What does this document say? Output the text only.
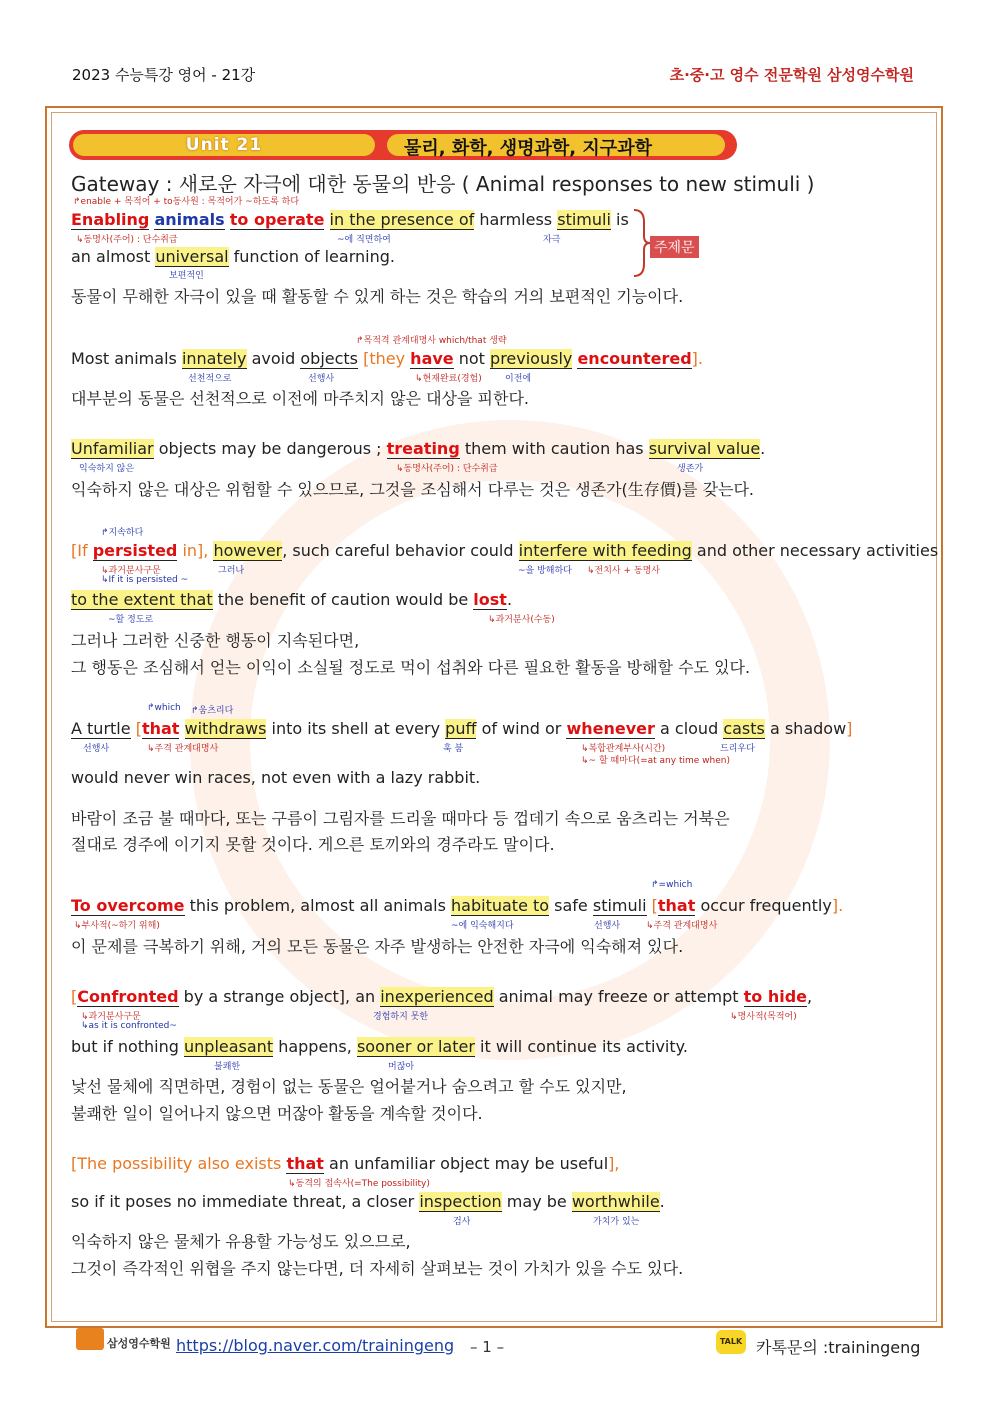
2023 수능특강 영어 - 21강	초·중·고 영수 전문학원 삼성영수학원
Unit 21	물리, 화학, 생명과학, 지구과학
Gateway : 새로운 자극에 대한 동물의 반응 ( Animal responses to new stimuli )
↱enable + 목적어 + to동사원 : 목적어가 ~하도록 하다
Enabling animals to operate in the presence of harmless stimuli is
↳동명사(주어) : 단수취급	~에 직면하여	자극
an almost universal function of learning.
보편적인
주제문
동물이 무해한 자극이 있을 때 활동할 수 있게 하는 것은 학습의 거의 보편적인 기능이다.
↱목적격 관계대명사 which/that 생략
Most animals innately avoid objects [they have not previously encountered].
선천적으로	선행사	↳현재완료(경험)	이전에
대부분의 동물은 선천적으로 이전에 마주치지 않은 대상을 피한다.
Unfamiliar objects may be dangerous ; treating them with caution has survival value.
익숙하지 않은	↳동명사(주어) : 단수취급	생존가
익숙하지 않은 대상은 위험할 수 있으므로, 그것을 조심해서 다루는 것은 생존가(生存價)를 갖는다.
↱지속하다
[If persisted in], however, such careful behavior could interfere with feeding and other necessary activities
↳과거분사구문
↳If it is persisted ~
그러나	~을 방해하다 ↳전치사 + 동명사
to the extent that the benefit of caution would be lost.
~할 정도로	↳과거분사(수동)
그러나 그러한 신중한 행동이 지속된다면,
그 행동은 조심해서 얻는 이익이 소실될 정도로 먹이 섭취와 다른 필요한 활동을 방해할 수도 있다.
↱which ↱움츠리다
A turtle [that withdraws into its shell at every puff of wind or whenever a cloud casts a shadow]
선행사	↳주격 관계대명사	훅 붐	↳복합관계부사(시간)
↳~ 할 때마다(=at any time when)
드리우다
would never win races, not even with a lazy rabbit.
바람이 조금 불 때마다, 또는 구름이 그림자를 드리울 때마다 등 껍데기 속으로 움츠리는 거북은
절대로 경주에 이기지 못할 것이다. 게으른 토끼와의 경주라도 말이다.
↱=which
To overcome this problem, almost all animals habituate to safe stimuli [that occur frequently].
↳부사적(~하기 위해)	~에 익숙해지다	선행사	↳주격 관계대명사
이 문제를 극복하기 위해, 거의 모든 동물은 자주 발생하는 안전한 자극에 익숙해져 있다.
[Confronted by a strange object], an inexperienced animal may freeze or attempt to hide,
↳과거분사구문
↳as it is confronted~
경험하지 못한	↳명사적(목적어)
but if nothing unpleasant happens, sooner or later it will continue its activity.
불쾌한	머잖아
낯선 물체에 직면하면, 경험이 없는 동물은 얼어붙거나 숨으려고 할 수도 있지만,
불쾌한 일이 일어나지 않으면 머잖아 활동을 계속할 것이다.
[The possibility also exists that an unfamiliar object may be useful],
↳동격의 접속사(=The possibility)
so if it poses no immediate threat, a closer inspection may be worthwhile.
검사	가치가 있는
익숙하지 않은 물체가 유용할 가능성도 있으므로,
그것이 즉각적인 위협을 주지 않는다면, 더 자세히 살펴보는 것이 가치가 있을 수도 있다.
삼성영수학원 https://blog.naver.com/trainingeng – 1 –	TALK 카톡문의 :trainingeng
